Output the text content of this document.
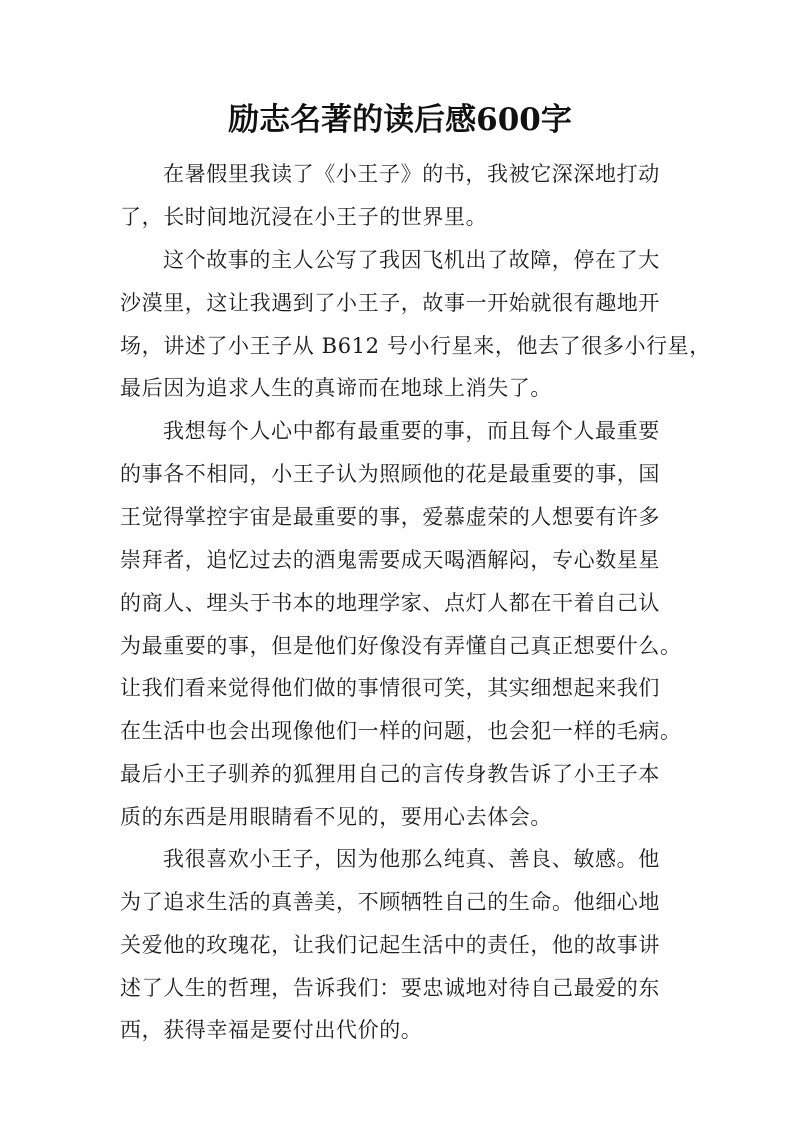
励志名著的读后感600字
在暑假里我读了《小王子》的书，我被它深深地打动
了，长时间地沉浸在小王子的世界里。
这个故事的主人公写了我因飞机出了故障，停在了大
沙漠里，这让我遇到了小王子，故事一开始就很有趣地开
场，讲述了小王子从 B612 号小行星来，他去了很多小行星，
最后因为追求人生的真谛而在地球上消失了。
我想每个人心中都有最重要的事，而且每个人最重要
的事各不相同，小王子认为照顾他的花是最重要的事，国
王觉得掌控宇宙是最重要的事，爱慕虚荣的人想要有许多
崇拜者，追忆过去的酒鬼需要成天喝酒解闷，专心数星星
的商人、埋头于书本的地理学家、点灯人都在干着自己认
为最重要的事，但是他们好像没有弄懂自己真正想要什么。
让我们看来觉得他们做的事情很可笑，其实细想起来我们
在生活中也会出现像他们一样的问题，也会犯一样的毛病。
最后小王子驯养的狐狸用自己的言传身教告诉了小王子本
质的东西是用眼睛看不见的，要用心去体会。
我很喜欢小王子，因为他那么纯真、善良、敏感。他
为了追求生活的真善美，不顾牺牲自己的生命。他细心地
关爱他的玫瑰花，让我们记起生活中的责任，他的故事讲
述了人生的哲理，告诉我们：要忠诚地对待自己最爱的东
西，获得幸福是要付出代价的。
